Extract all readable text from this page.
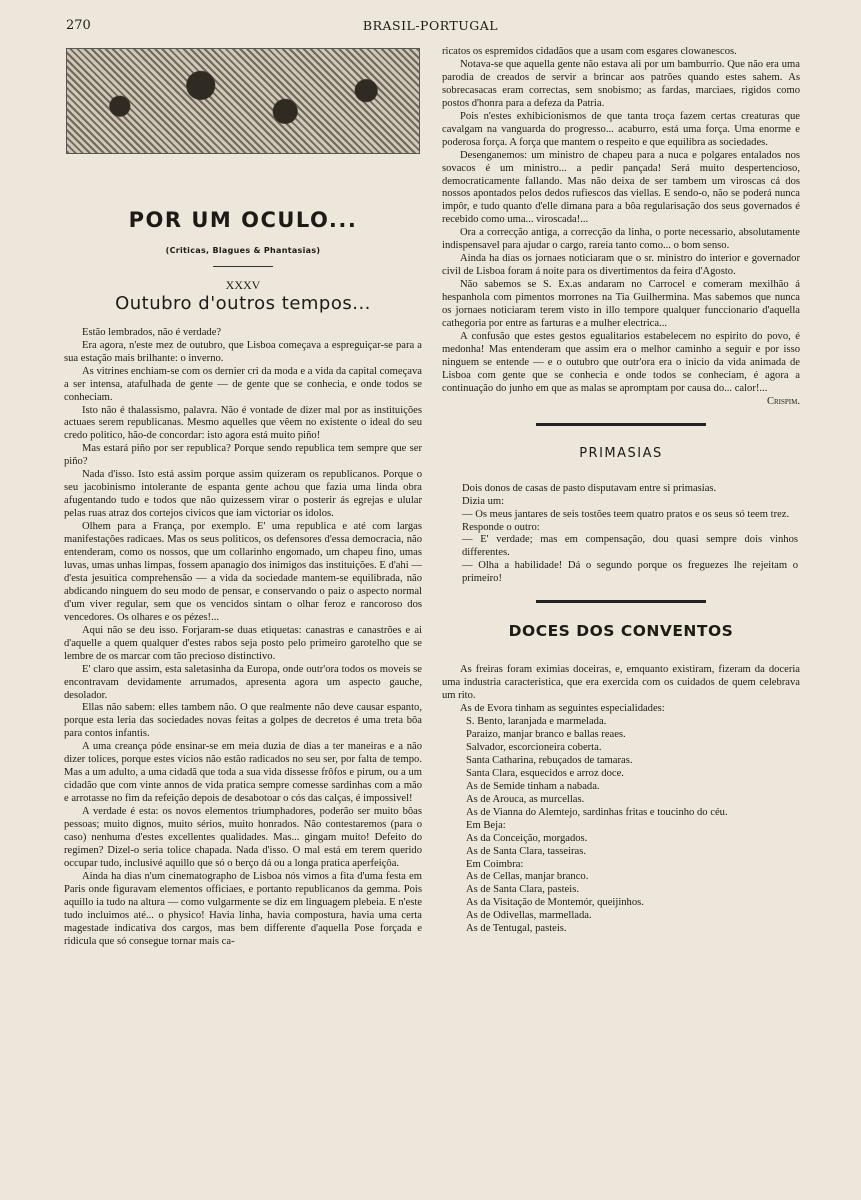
270	BRASIL-PORTUGAL
POR UM OCULO...
(Criticas, Blagues & Phantasias)
XXXV
Outubro d'outros tempos...

Estão lembrados, não é verdade?

Era agora, n'este mez de outubro, que Lisboa começava a espreguiçar-se para a sua estação mais brilhante: o inverno.

As vitrines enchiam-se com os dernier cri da moda e a vida da capital começava a ser intensa, atafulhada de gente — de gente que se conhecia, e onde todos se conheciam.

Isto não é thalassismo, palavra. Não é vontade de dizer mal por as instituições actuaes serem republicanas. Mesmo aquelles que vêem no existente o ideal do seu credo politico, hão-de concordar: isto agora está muito piño!

Mas estará piño por ser republica? Porque sendo republica tem sempre que ser piño?

Nada d'isso. Isto está assim porque assim quizeram os republicanos. Porque o seu jacobinismo intolerante de espanta gente achou que fazia uma linda obra afugentando tudo e todos que não quizessem virar o posterir ás egrejas e ulular pelas ruas atraz dos cortejos civicos que iam victoriar os idolos.

Olhem para a França, por exemplo. E' uma republica e até com largas manifestações radicaes. Mas os seus politicos, os defensores d'essa democracia, não entenderam, como os nossos, que um collarinho engomado, um chapeu fino, umas luvas, umas unhas limpas, fossem apanagio dos inimigos das instituições. E d'ahi — d'esta jesuitica comprehensão — a vida da sociedade mantem-se equilibrada, não abdicando ninguem do seu modo de pensar, e conservando o paiz o aspecto normal d'um viver regular, sem que os vencidos sintam o olhar feroz e rancoroso dos vencedores. Os olhares e os pézes!...

Aqui não se deu isso. Forjaram-se duas etiquetas: canastras e canastrões e ai d'aquelle a quem qualquer d'estes rabos seja posto pelo primeiro garotelho que se lembre de os marcar com tão precioso distinctivo.

E' claro que assim, esta saletasinha da Europa, onde outr'ora todos os moveis se encontravam devidamente arrumados, apresenta agora um aspecto gauche, desolador.

Ellas não sabem: elles tambem não. O que realmente não deve causar espanto, porque esta leria das sociedades novas feitas a golpes de decretos é uma treta bôa para contos infantis.

A uma creança póde ensinar-se em meia duzia de dias a ter maneiras e a não dizer tolices, porque estes vicios não estão radicados no seu ser, por falta de tempo. Mas a um adulto, a uma cidadã que toda a sua vida dissesse frôfos e pirum, ou a um cidadão que com vinte annos de vida pratica sempre comesse sardinhas com a mão e arrotasse no fim da refeição depois de desabotoar o cós das calças, é impossivel!

A verdade é esta: os novos elementos triumphadores, poderão ser muito bôas pessoas; muito dignos, muito sérios, muito honrados. Não contestaremos (para o caso) nenhuma d'estes excellentes qualidades. Mas... gingam muito! Defeito do regimen? Dizel-o seria tolice chapada. Nada d'isso. O mal está em terem querido occupar tudo, inclusivé aquillo que só o berço dá ou a longa pratica aperfeiçôa.

Ainda ha dias n'um cinematographo de Lisboa nós vimos a fita d'uma festa em Paris onde figuravam elementos officiaes, e portanto republicanos da gemma. Pois aquillo ia tudo na altura — como vulgarmente se diz em linguagem plebeia. E n'este tudo incluimos até... o physico! Havia linha, havia compostura, havia uma certa magestade indicativa dos cargos, mas bem differente d'aquella Pose forçada e ridicula que só consegue tornar mais ca-

ricatos os espremidos cidadãos que a usam com esgares clowanescos.

Notava-se que aquella gente não estava ali por um bamburrio. Que não era uma parodia de creados de servir a brincar aos patrões quando estes sahem. As sobrecasacas eram correctas, sem snobismo; as fardas, marciaes, rigidos como postos d'honra para a defeza da Patria.

Pois n'estes exhibicionismos de que tanta troça fazem certas creaturas que cavalgam na vanguarda do progresso... acaburro, está uma força. Uma enorme e poderosa força. A força que mantem o respeito e que equilibra as sociedades.

Desenganemos: um ministro de chapeu para a nuca e polgares entalados nos sovacos é um ministro... a pedir pançada! Será muito despertencioso, democraticamente fallando. Mas não deixa de ser tambem um viroscas cá dos nossos apontados pelos dedos rufiescos das viellas. E sendo-o, não se poderá nunca impôr, e tudo quanto d'elle dimana para a bôa regularisação dos seus governados é recebido como uma... viroscada!...

Ora a correcção antiga, a correcção da linha, o porte necessario, absolutamente indispensavel para ajudar o cargo, rareia tanto como... o bom senso.

Ainda ha dias os jornaes noticiaram que o sr. ministro do interior e governador civil de Lisboa foram á noite para os divertimentos da feira d'Agosto.

Não sabemos se S. Ex.as andaram no Carrocel e comeram mexilhão á hespanhola com pimentos morrones na Tia Guilhermina. Mas sabemos que nunca os jornaes noticiaram terem visto in illo tempore qualquer funccionario d'aquella cathegoria por entre as farturas e a mulher electrica...

A confusão que estes gestos egualitarios estabelecem no espirito do povo, é medonha! Mas entenderam que assim era o melhor caminho a seguir e por isso ninguem se entende — e o outubro que outr'ora era o inicio da vida animada de Lisboa com gente que se conhecia e onde todos se conheciam, é agora a continuação do junho em que as malas se apromptam por causa do... calor!...

Crispim.

PRIMASIAS

Dois donos de casas de pasto disputavam entre si primasias.

Dizia um:

— Os meus jantares de seis tostões teem quatro pratos e os seus só teem trez.

Responde o outro:

— E' verdade; mas em compensação, dou quasi sempre dois vinhos differentes.

— Olha a habilidade! Dá o segundo porque os freguezes lhe rejeitam o primeiro!

DOCES DOS CONVENTOS

As freiras foram eximias doceiras, e, emquanto existiram, fizeram da doceria uma industria caracteristica, que era exercida com os cuidados de quem celebrava um rito.

As de Evora tinham as seguintes especialidades:

S. Bento, laranjada e marmelada.

Paraizo, manjar branco e ballas reaes.

Salvador, escorcioneira coberta.

Santa Catharina, rebuçados de tamaras.

Santa Clara, esquecidos e arroz doce.

As de Semide tinham a nabada.

As de Arouca, as murcellas.

As de Vianna do Alemtejo, sardinhas fritas e toucinho do céu.

Em Beja:

As da Conceição, morgados.

As de Santa Clara, tasseiras.

Em Coimbra:

As de Cellas, manjar branco.

As de Santa Clara, pasteis.

As da Visitação de Montemór, queijinhos.

As de Odivellas, marmellada.

As de Tentugal, pasteis.
